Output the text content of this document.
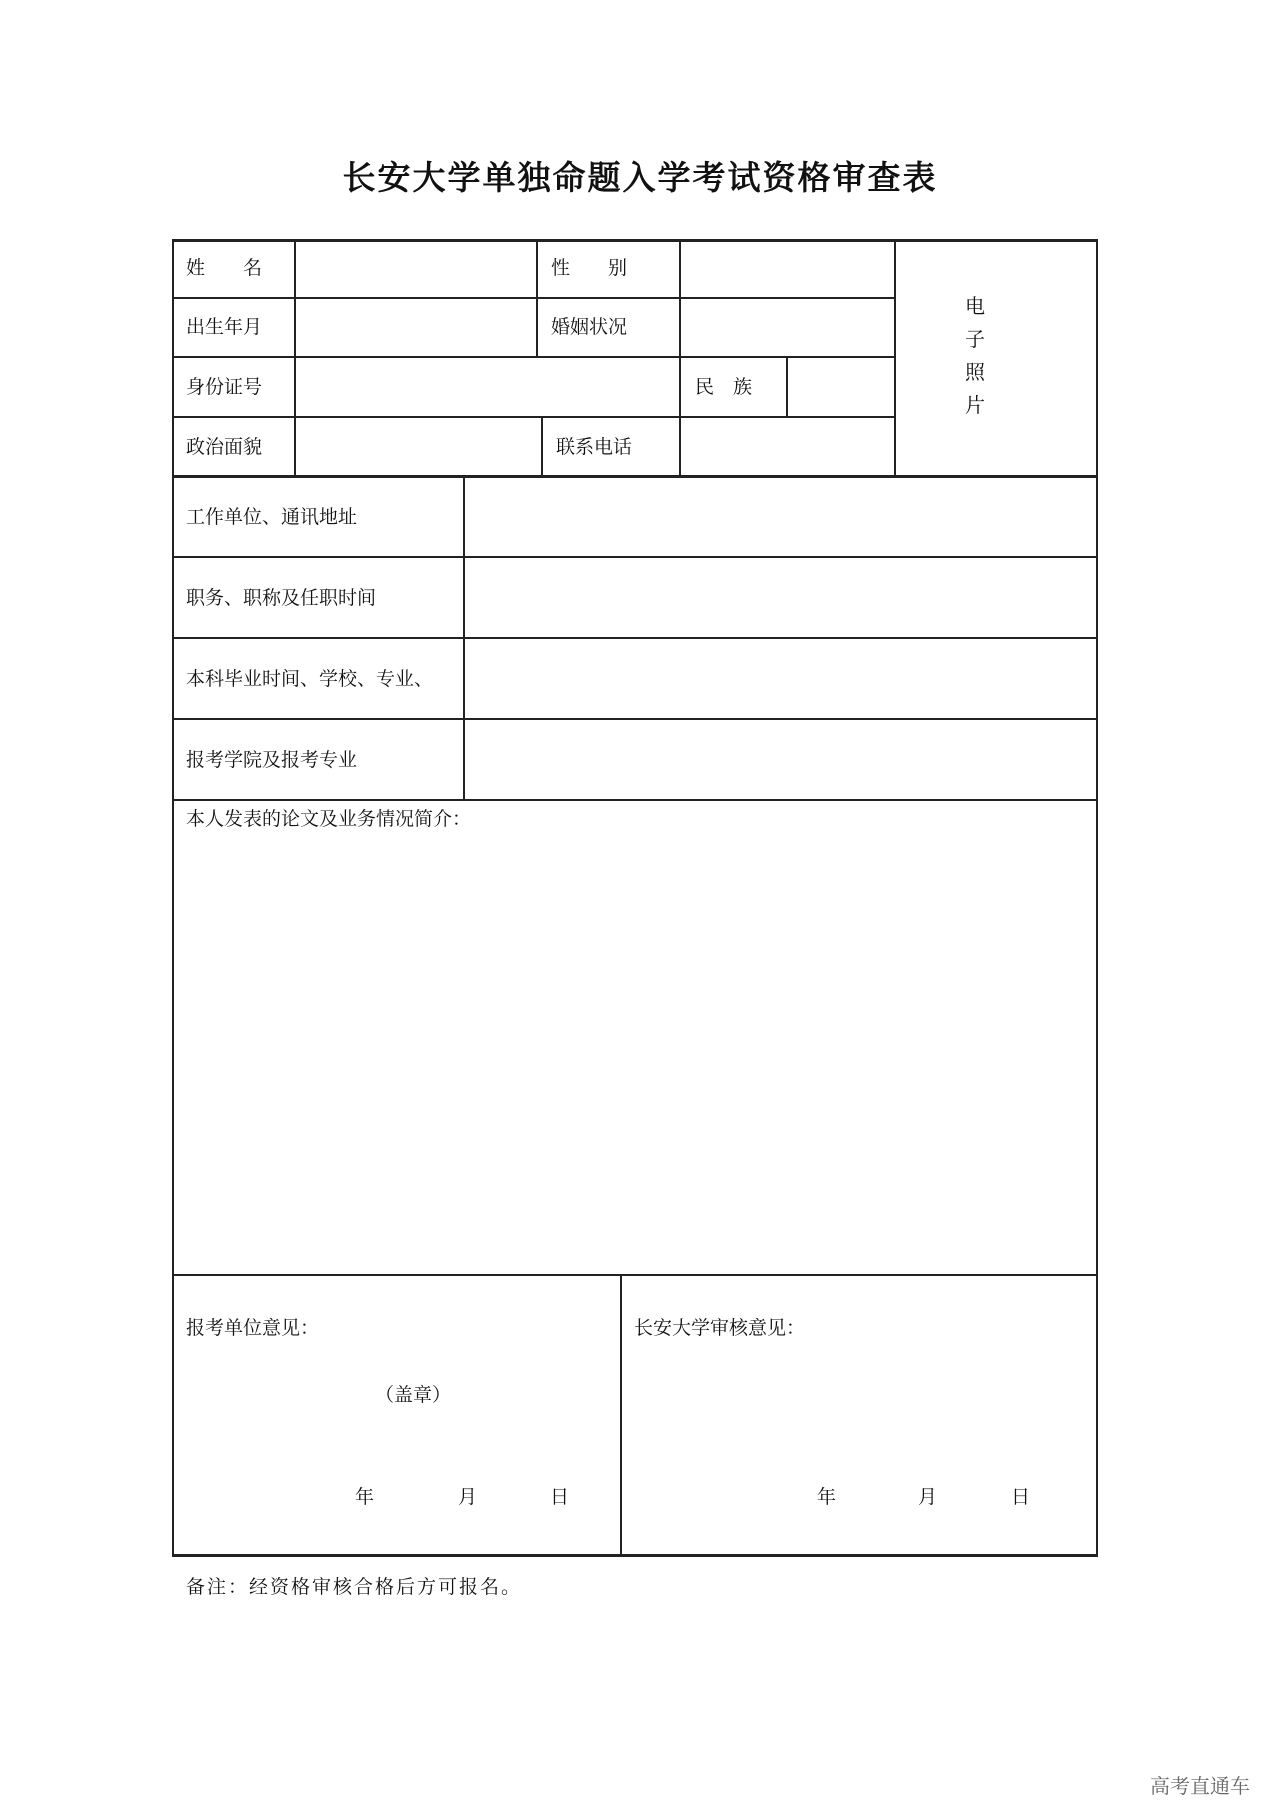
长安大学单独命题入学考试资格审查表
姓　　名	性　　别
出生年月	婚姻状况
身份证号	民　族
政治面貌	联系电话
电
子
照
片
工作单位、通讯地址
职务、职称及任职时间
本科毕业时间、学校、专业、
报考学院及报考专业
本人发表的论文及业务情况简介：
报考单位意见：
（盖章）
年	月	日
长安大学审核意见：
年	月	日
备注：经资格审核合格后方可报名。
高考直通车
